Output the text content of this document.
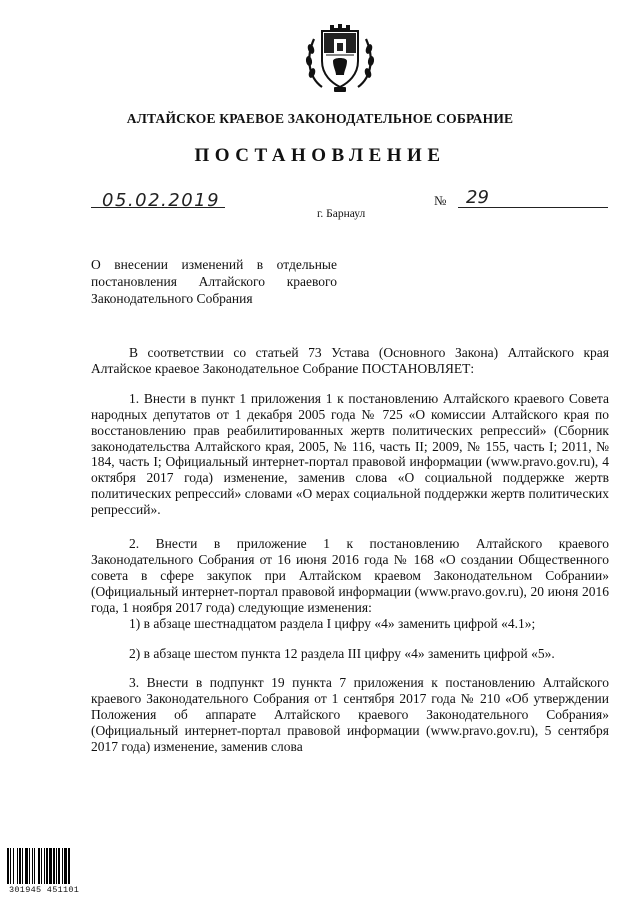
АЛТАЙСКОЕ КРАЕВОЕ ЗАКОНОДАТЕЛЬНОЕ СОБРАНИЕ
ПОСТАНОВЛЕНИЕ
05.02.2019	№ 29
г. Барнаул
О внесении изменений в отдельные постановления Алтайского краевого Законодательного Собрания

В соответствии со статьей 73 Устава (Основного Закона) Алтайского края Алтайское краевое Законодательное Собрание ПОСТАНОВЛЯЕТ:

1. Внести в пункт 1 приложения 1 к постановлению Алтайского краевого Совета народных депутатов от 1 декабря 2005 года № 725 «О комиссии Алтайского края по восстановлению прав реабилитированных жертв политических репрессий» (Сборник законодательства Алтайского края, 2005, № 116, часть II; 2009, № 155, часть I; 2011, № 184, часть I; Официальный интернет-портал правовой информации (www.pravo.gov.ru), 4 октября 2017 года) изменение, заменив слова «О социальной поддержке жертв политических репрессий» словами «О мерах социальной поддержки жертв политических репрессий».

2. Внести в приложение 1 к постановлению Алтайского краевого Законодательного Собрания от 16 июня 2016 года № 168 «О создании Общественного совета в сфере закупок при Алтайском краевом Законодательном Собрании» (Официальный интернет-портал правовой информации (www.pravo.gov.ru), 20 июня 2016 года, 1 ноября 2017 года) следующие изменения:

1) в абзаце шестнадцатом раздела I цифру «4» заменить цифрой «4.1»;

2) в абзаце шестом пункта 12 раздела III цифру «4» заменить цифрой «5».

3. Внести в подпункт 19 пункта 7 приложения к постановлению Алтайского краевого Законодательного Собрания от 1 сентября 2017 года № 210 «Об утверждении Положения об аппарате Алтайского краевого Законодательного Собрания» (Официальный интернет-портал правовой информации (www.pravo.gov.ru), 5 сентября 2017 года) изменение, заменив слова

301945 451101
